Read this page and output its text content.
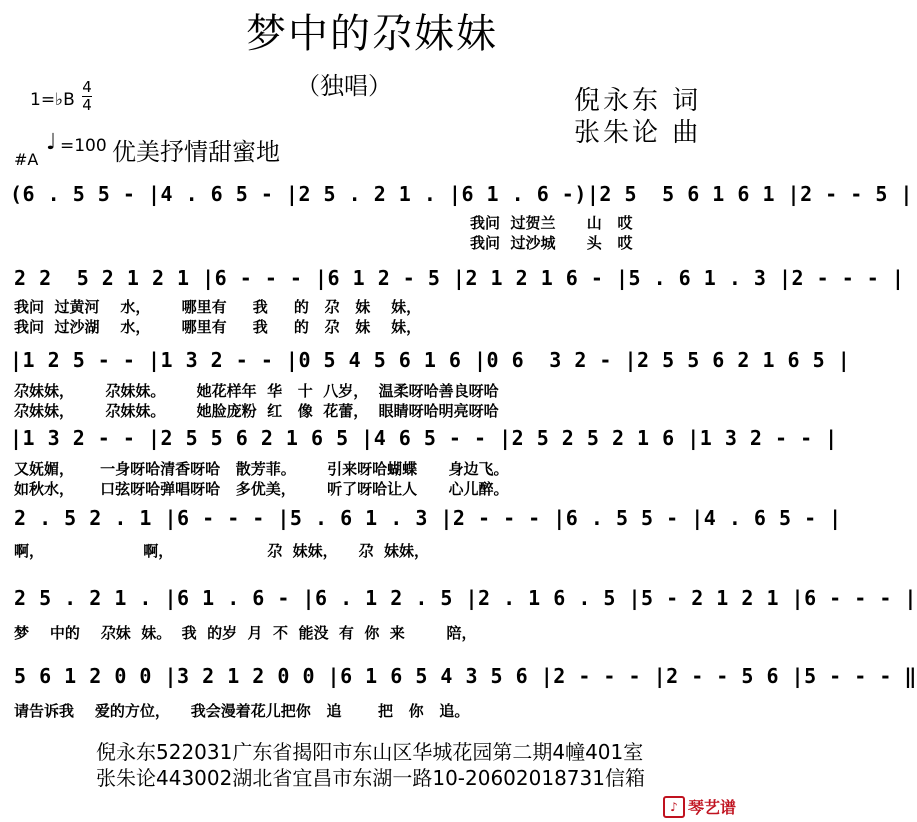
梦中的尕妹妹
（独唱）
1=♭B
4
4	倪永东 词
张朱论 曲
♩ =100
#A	优美抒情甜蜜地
(6 . 5 5 - |4 . 6 5 - |2 5 . 2 1 . |6 1 . 6 -)|2 5  5 6 1 6 1 |2 - - 5 |
我问  过贺兰      山   哎
我问  过沙城      头   哎
2 2  5 2 1 2 1 |6 - - - |6 1 2 - 5 |2 1 2 1 6 - |5 . 6 1 . 3 |2 - - - |
我问  过黄河    水，      哪里有     我     的   尕   妹    妹，
我问  过沙湖    水，      哪里有     我     的   尕   妹    妹，
|1 2 5 - - |1 3 2 - - |0 5 4 5 6 1 6 |0 6  3 2 - |2 5 5 6 2 1 6 5 |
尕妹妹，      尕妹妹。      她花样年  华   十  八岁，  温柔呀哈善良呀哈
尕妹妹，      尕妹妹。      她脸庞粉  红   像  花蕾，  眼睛呀哈明亮呀哈
|1 3 2 - - |2 5 5 6 2 1 6 5 |4 6 5 - - |2 5 2 5 2 1 6 |1 3 2 - - |
又妩媚，     一身呀哈清香呀哈   散芳菲。      引来呀哈蝴蝶      身边飞。
如秋水，     口弦呀哈弹唱呀哈   多优美，      听了呀哈让人      心儿醉。
2 . 5 2 . 1 |6 - - - |5 . 6 1 . 3 |2 - - - |6 . 5 5 - |4 . 6 5 - |
啊，                   啊，                  尕  妹妹，    尕  妹妹，
2 5 . 2 1 . |6 1 . 6 - |6 . 1 2 . 5 |2 . 1 6 . 5 |5 - 2 1 2 1 |6 - - - |
梦    中的    尕妹  妹。  我  的岁  月  不  能没  有  你  来        陪，
5 6 1 2 0 0 |3 2 1 2 0 0 |6 1 6 5 4 3 5 6 |2 - - - |2 - - 5 6 |5 - - - ‖
请告诉我    爱的方位，    我会漫着花儿把你   追       把   你   追。
倪永东522031广东省揭阳市东山区华城花园第二期4幢401室
张朱论443002湖北省宜昌市东湖一路10-20602018731信箱
♪ 琴艺谱
